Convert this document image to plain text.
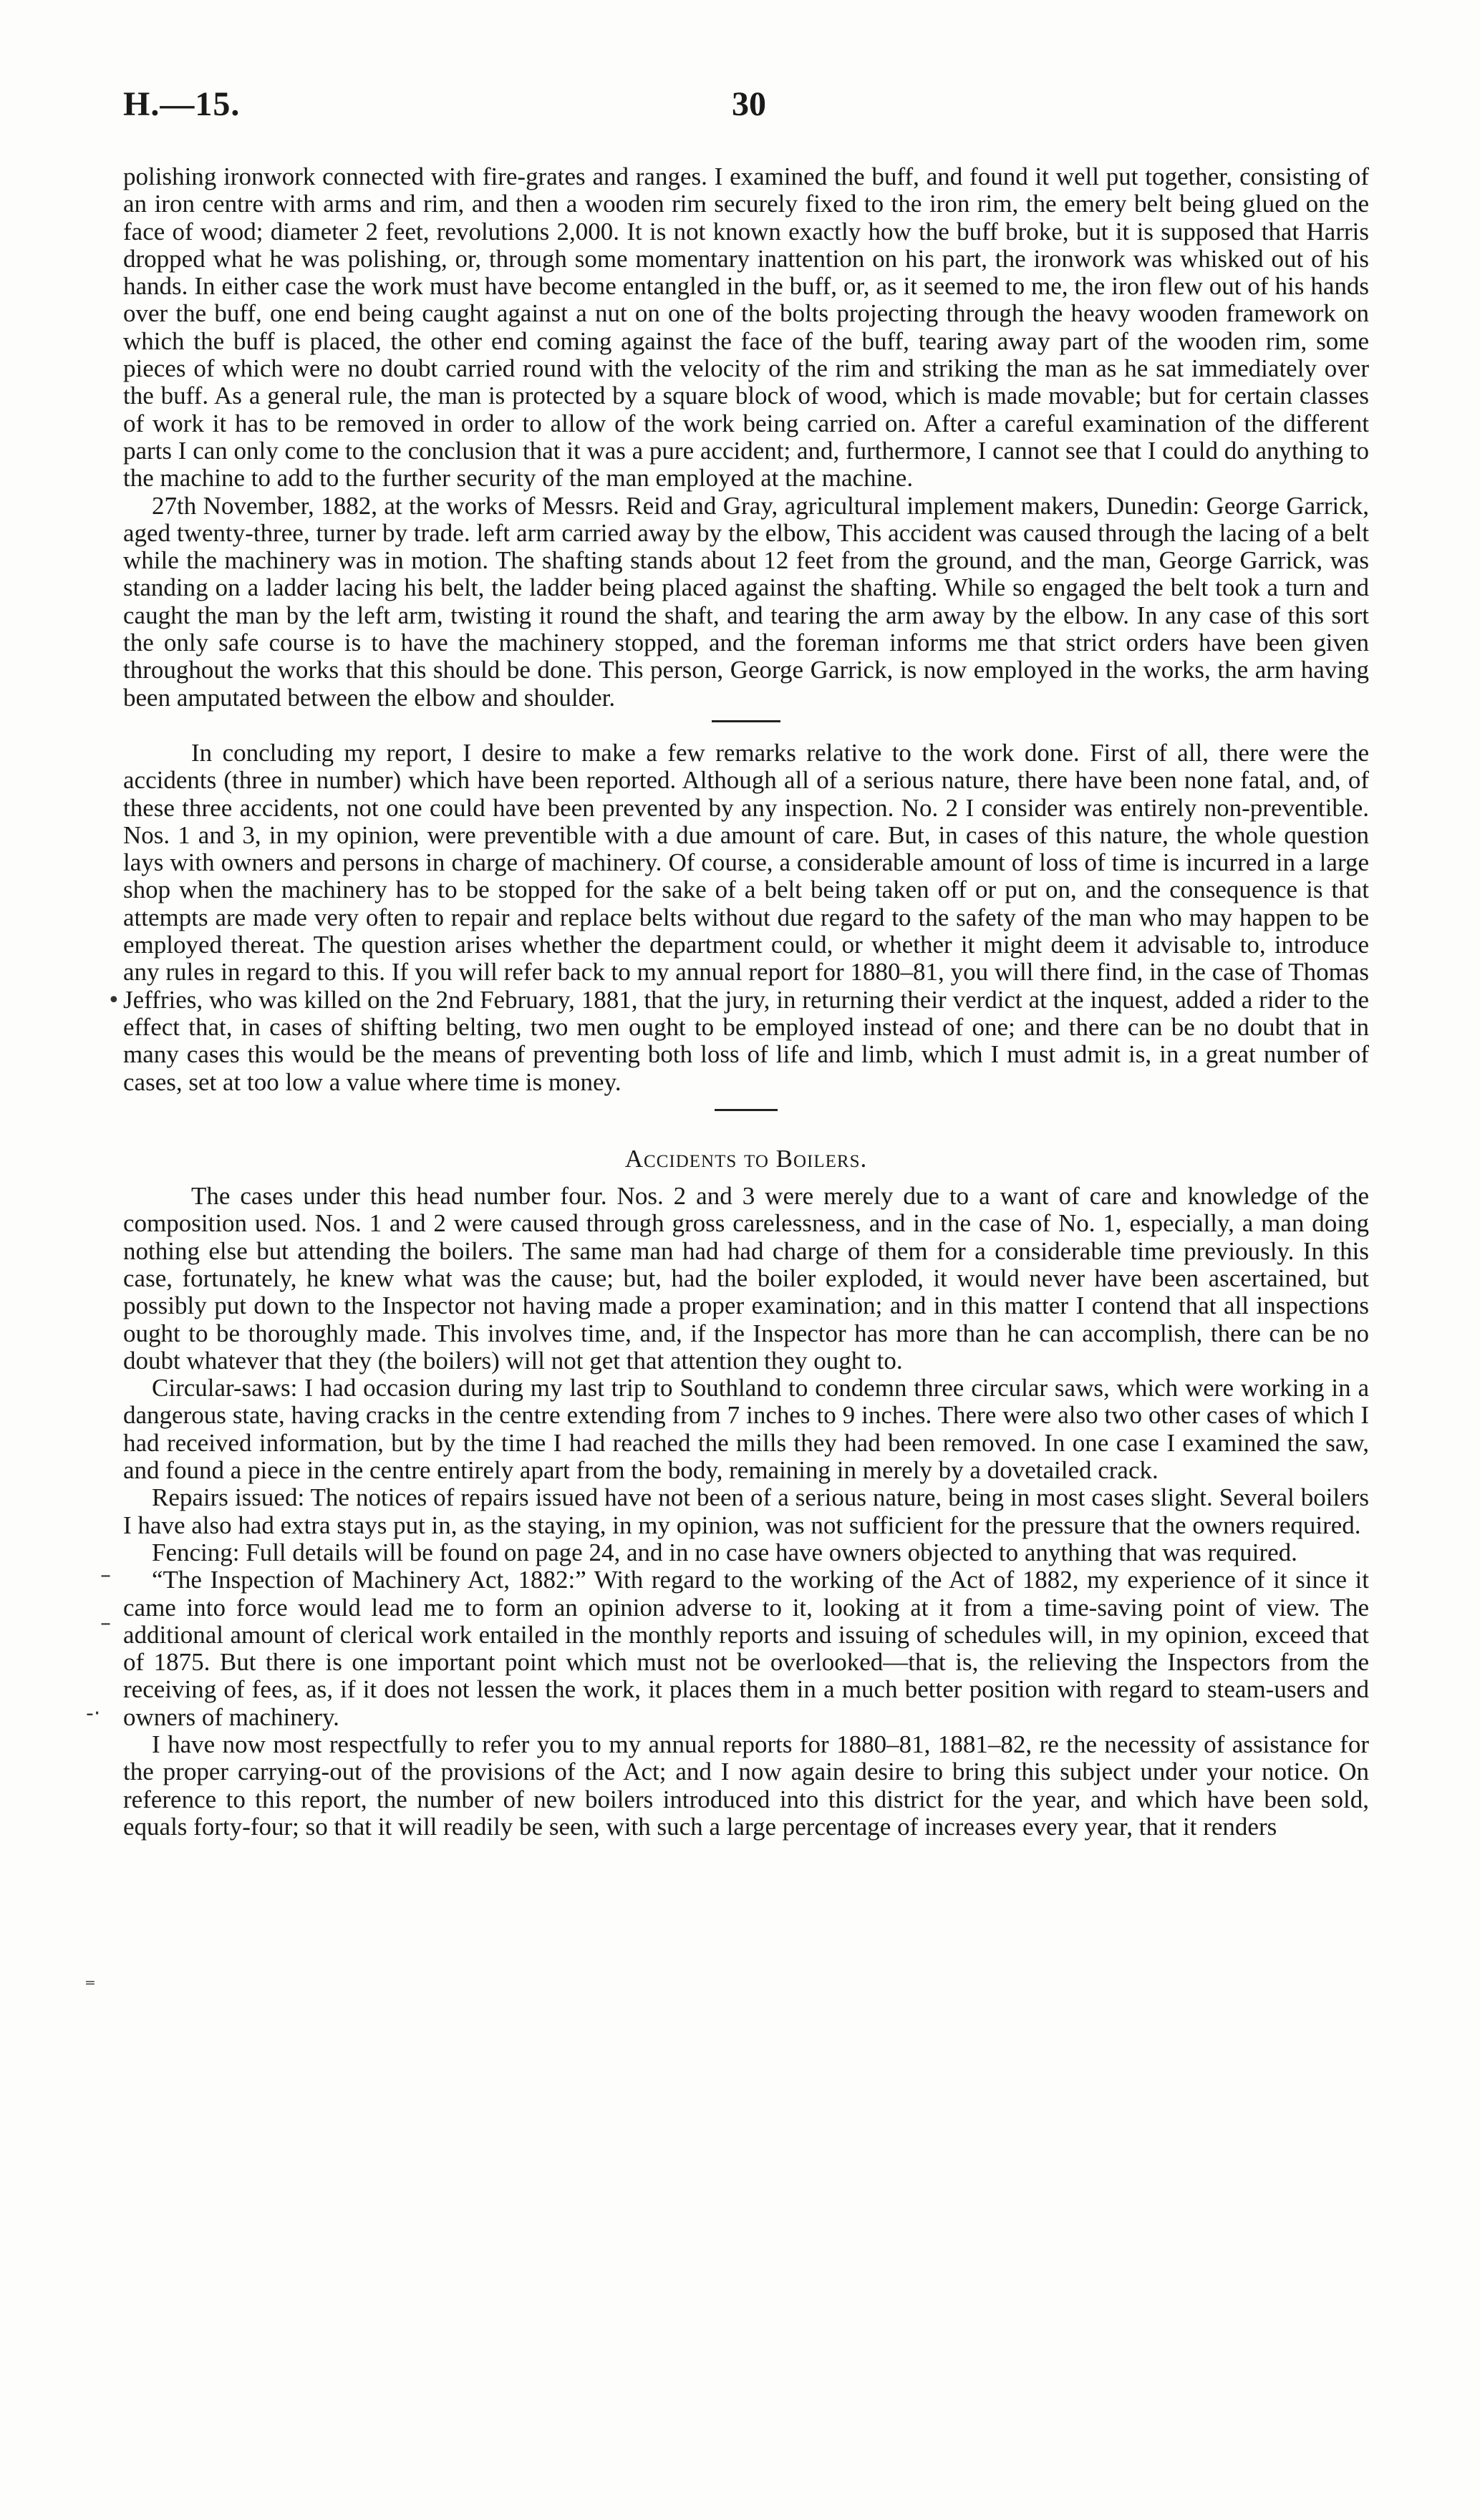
H.—15.	30
•
–
–
-·
⁼

polishing ironwork connected with fire-grates and ranges. I examined the buff, and found it well put together, consisting of an iron centre with arms and rim, and then a wooden rim securely fixed to the iron rim, the emery belt being glued on the face of wood; diameter 2 feet, revolutions 2,000. It is not known exactly how the buff broke, but it is supposed that Harris dropped what he was polishing, or, through some momentary inattention on his part, the ironwork was whisked out of his hands. In either case the work must have become entangled in the buff, or, as it seemed to me, the iron flew out of his hands over the buff, one end being caught against a nut on one of the bolts projecting through the heavy wooden framework on which the buff is placed, the other end coming against the face of the buff, tearing away part of the wooden rim, some pieces of which were no doubt carried round with the velocity of the rim and striking the man as he sat immediately over the buff. As a general rule, the man is protected by a square block of wood, which is made movable; but for certain classes of work it has to be removed in order to allow of the work being carried on. After a careful examination of the different parts I can only come to the conclusion that it was a pure accident; and, furthermore, I cannot see that I could do anything to the machine to add to the further security of the man employed at the machine.

27th November, 1882, at the works of Messrs. Reid and Gray, agricultural implement makers, Dunedin: George Garrick, aged twenty-three, turner by trade. left arm carried away by the elbow, This accident was caused through the lacing of a belt while the machinery was in motion. The shafting stands about 12 feet from the ground, and the man, George Garrick, was standing on a ladder lacing his belt, the ladder being placed against the shafting. While so engaged the belt took a turn and caught the man by the left arm, twisting it round the shaft, and tearing the arm away by the elbow. In any case of this sort the only safe course is to have the machinery stopped, and the foreman informs me that strict orders have been given throughout the works that this should be done. This person, George Garrick, is now employed in the works, the arm having been amputated between the elbow and shoulder.

In concluding my report, I desire to make a few remarks relative to the work done. First of all, there were the accidents (three in number) which have been reported. Although all of a serious nature, there have been none fatal, and, of these three accidents, not one could have been prevented by any inspection. No. 2 I consider was entirely non-preventible. Nos. 1 and 3, in my opinion, were preventible with a due amount of care. But, in cases of this nature, the whole question lays with owners and persons in charge of machinery. Of course, a considerable amount of loss of time is incurred in a large shop when the machinery has to be stopped for the sake of a belt being taken off or put on, and the consequence is that attempts are made very often to repair and replace belts without due regard to the safety of the man who may happen to be employed thereat. The question arises whether the department could, or whether it might deem it advisable to, introduce any rules in regard to this. If you will refer back to my annual report for 1880–81, you will there find, in the case of Thomas Jeffries, who was killed on the 2nd February, 1881, that the jury, in returning their verdict at the inquest, added a rider to the effect that, in cases of shifting belting, two men ought to be employed instead of one; and there can be no doubt that in many cases this would be the means of preventing both loss of life and limb, which I must admit is, in a great number of cases, set at too low a value where time is money.

Accidents to Boilers.

The cases under this head number four. Nos. 2 and 3 were merely due to a want of care and knowledge of the composition used. Nos. 1 and 2 were caused through gross carelessness, and in the case of No. 1, especially, a man doing nothing else but attending the boilers. The same man had had charge of them for a considerable time previously. In this case, fortunately, he knew what was the cause; but, had the boiler exploded, it would never have been ascertained, but possibly put down to the Inspector not having made a proper examination; and in this matter I contend that all inspections ought to be thoroughly made. This involves time, and, if the Inspector has more than he can accomplish, there can be no doubt whatever that they (the boilers) will not get that attention they ought to.

Circular-saws: I had occasion during my last trip to Southland to condemn three circular saws, which were working in a dangerous state, having cracks in the centre extending from 7 inches to 9 inches. There were also two other cases of which I had received information, but by the time I had reached the mills they had been removed. In one case I examined the saw, and found a piece in the centre entirely apart from the body, remaining in merely by a dovetailed crack.

Repairs issued: The notices of repairs issued have not been of a serious nature, being in most cases slight. Several boilers I have also had extra stays put in, as the staying, in my opinion, was not sufficient for the pressure that the owners required.

Fencing: Full details will be found on page 24, and in no case have owners objected to anything that was required.

“The Inspection of Machinery Act, 1882:” With regard to the working of the Act of 1882, my experience of it since it came into force would lead me to form an opinion adverse to it, looking at it from a time-saving point of view. The additional amount of clerical work entailed in the monthly reports and issuing of schedules will, in my opinion, exceed that of 1875. But there is one important point which must not be overlooked—that is, the relieving the Inspectors from the receiving of fees, as, if it does not lessen the work, it places them in a much better position with regard to steam-users and owners of machinery.

I have now most respectfully to refer you to my annual reports for 1880–81, 1881–82, re the necessity of assistance for the proper carrying-out of the provisions of the Act; and I now again desire to bring this subject under your notice. On reference to this report, the number of new boilers introduced into this district for the year, and which have been sold, equals forty-four; so that it will readily be seen, with such a large percentage of increases every year, that it renders
